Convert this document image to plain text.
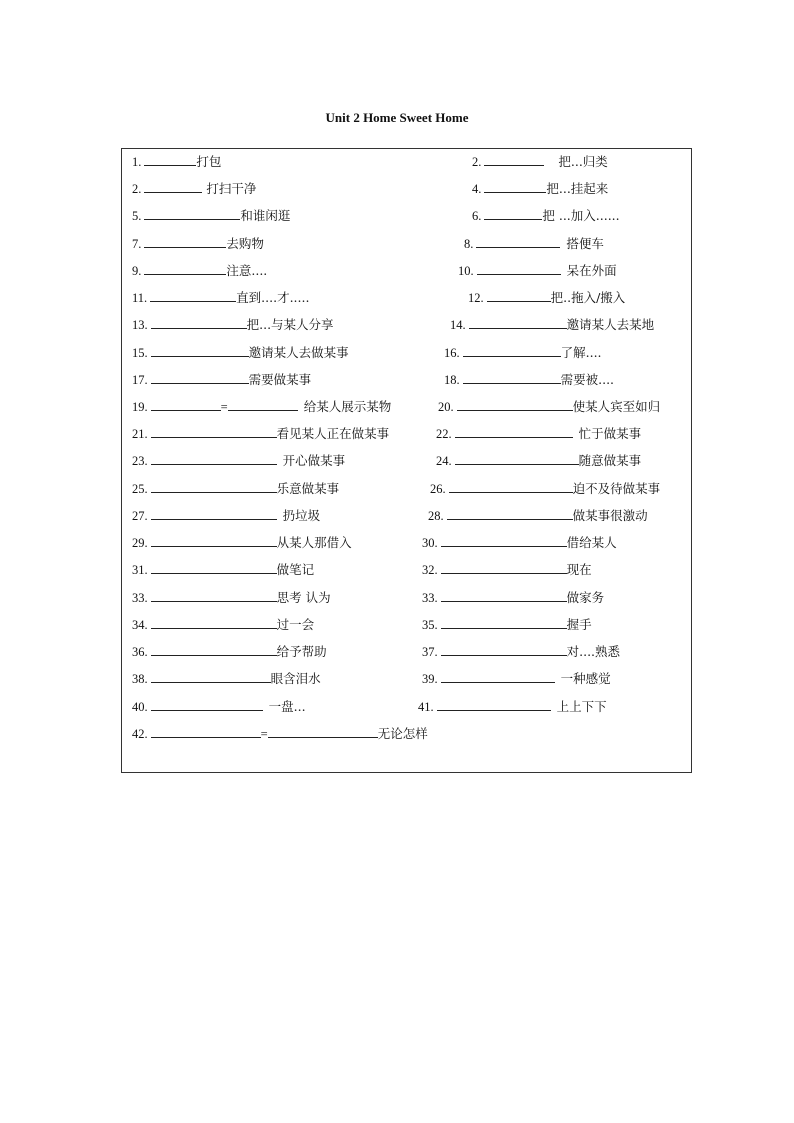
Unit 2 Home Sweet Home
1.	打包	2.	把...归类
2.	打扫干净	4.	把...挂起来
5.	和谁闲逛	6.	把 ...加入......
7.	去购物	8.	搭便车
9.	注意....	10.	呆在外面
11.	直到....才.....	12.	把..拖入/搬入
13.	把...与某人分享	14.	邀请某人去某地
15.	邀请某人去做某事	16.	了解....
17.	需要做某事	18.	需要被....
19.	=	给某人展示某物	20.	使某人宾至如归
21.	看见某人正在做某事	22.	忙于做某事
23.	开心做某事	24.	随意做某事
25.	乐意做某事	26.	迫不及待做某事
27.	扔垃圾	28.	做某事很激动
29.	从某人那借入	30.	借给某人
31.	做笔记	32.	现在
33.	思考 认为	33.	做家务
34.	过一会	35.	握手
36.	给予帮助	37.	对....熟悉
38.	眼含泪水	39.	一种感觉
40.	一盘...	41.	上上下下
42.	=	无论怎样
